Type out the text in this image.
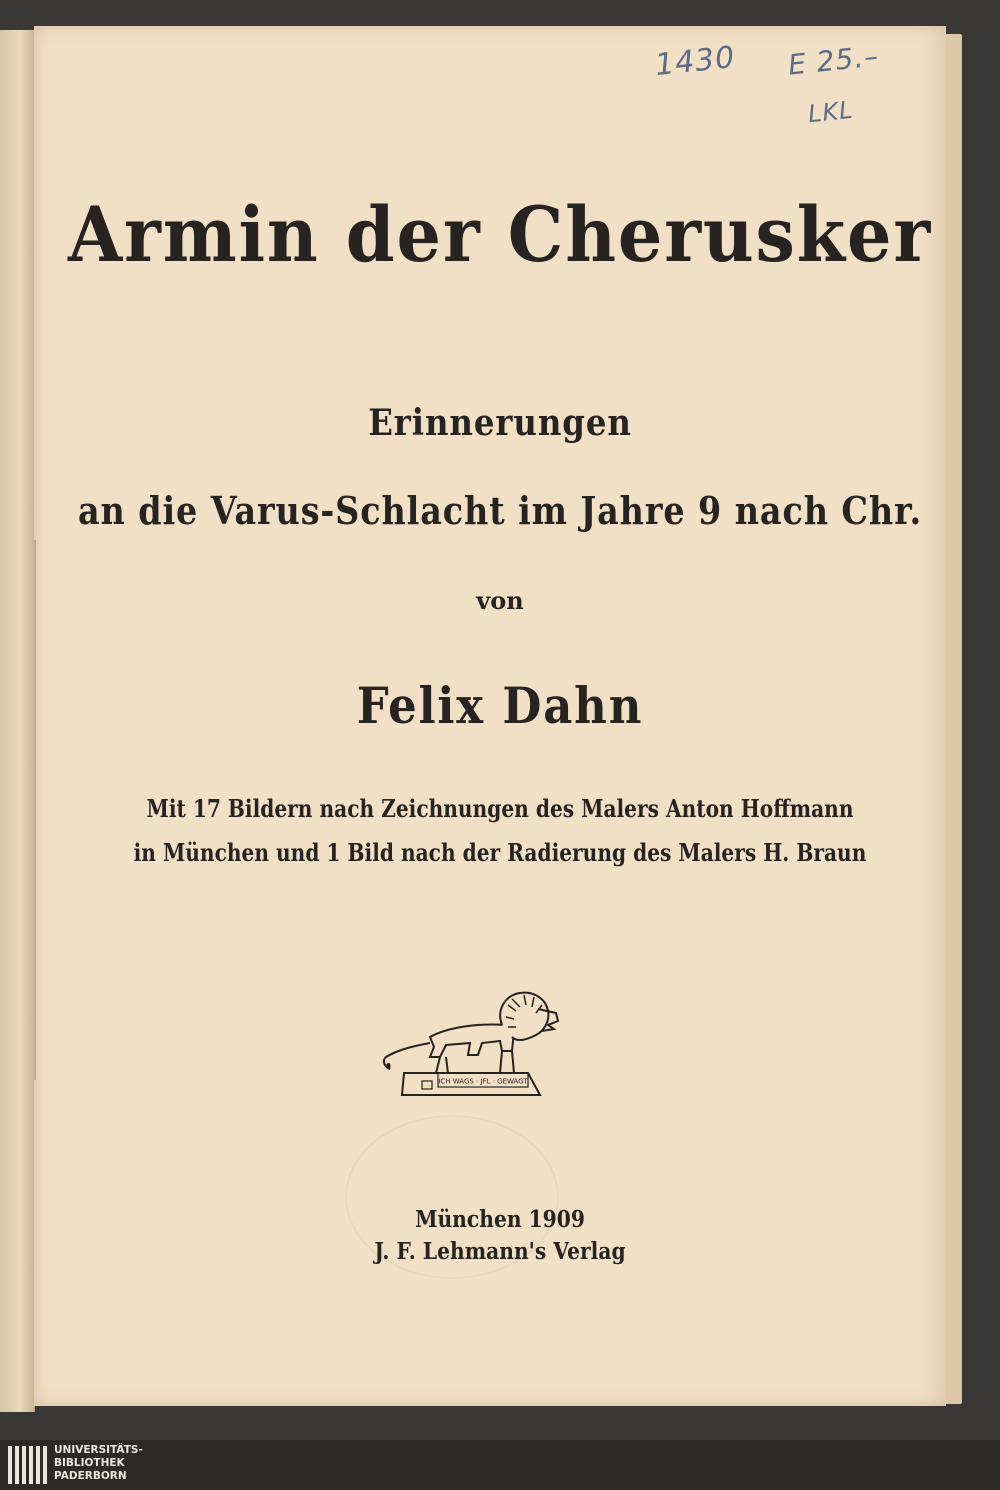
1430 E 25.–
LKL
Armin der Cherusker
Erinnerungen
an die Varus-Schlacht im Jahre 9 nach Chr.
von
Felix Dahn
Mit 17 Bildern nach Zeichnungen des Malers Anton Hoffmann
in München und 1 Bild nach der Radierung des Malers H. Braun
ICH WAGS · JFL · GEWAGT
München 1909
J. F. Lehmann's Verlag
UNIVERSITÄTS-
BIBLIOTHEK
PADERBORN
